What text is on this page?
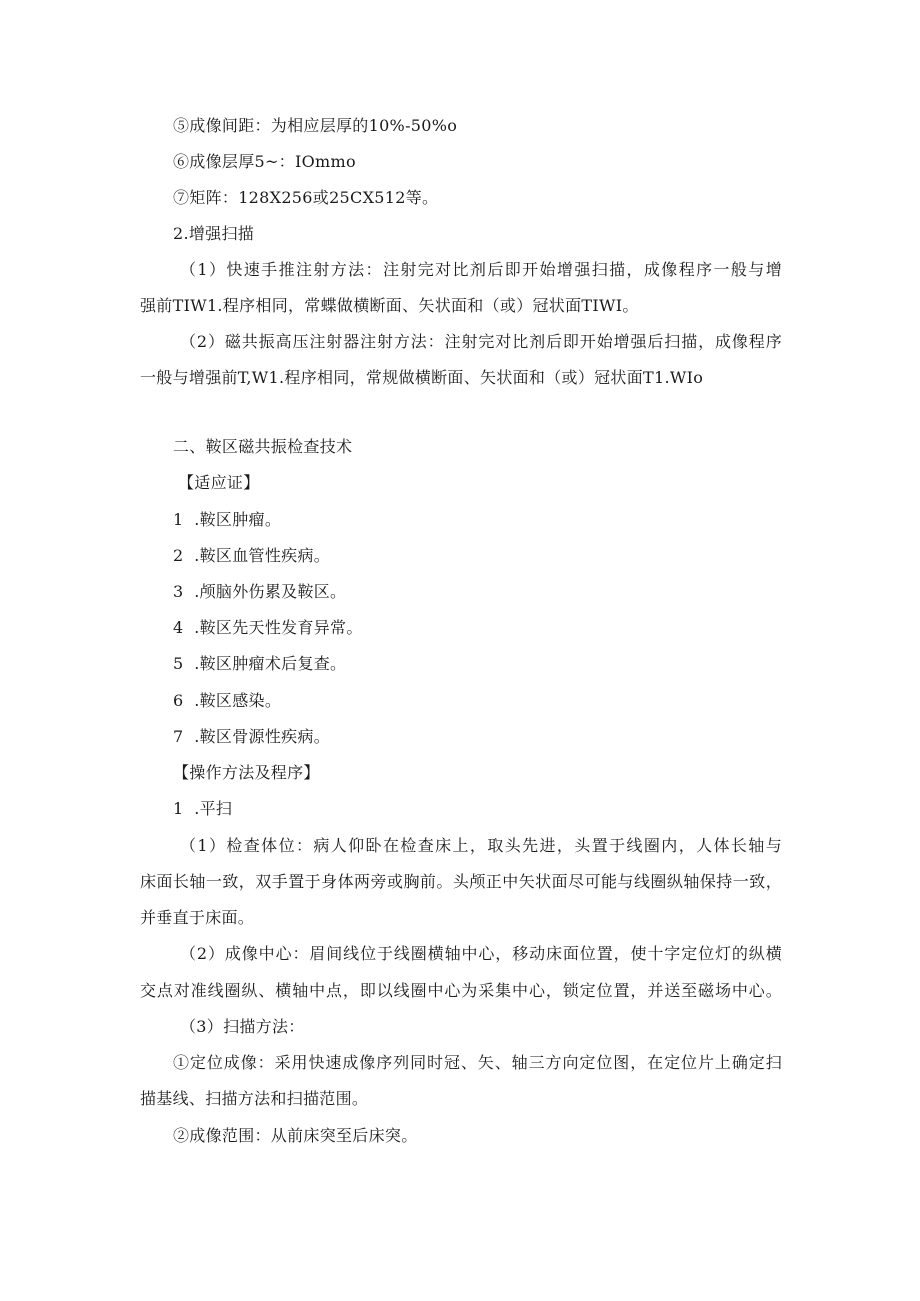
⑤成像间距：为相应层厚的10%-50%o
⑥成像层厚5~：IOmmo
⑦矩阵：128X256或25CX512等。
2.增强扫描
（1）快速手推注射方法：注射完对比剂后即开始增强扫描，成像程序一般与增
强前TIW1.程序相同，常蝶做横断面、矢状面和（或）冠状面TIWI。
（2）磁共振高压注射器注射方法：注射完对比剂后即开始增强后扫描，成像程序
一般与增强前T,W1.程序相同，常规做横断面、矢状面和（或）冠状面T1.WIo
二、鞍区磁共振检查技术
【适应证】
1  .鞍区肿瘤。
2  .鞍区血管性疾病。
3  .颅脑外伤累及鞍区。
4  .鞍区先天性发育异常。
5  .鞍区肿瘤术后复查。
6  .鞍区感染。
7  .鞍区骨源性疾病。
【操作方法及程序】
1  .平扫
（1）检查体位：病人仰卧在检查床上，取头先进，头置于线圈内，人体长轴与
床面长轴一致，双手置于身体两旁或胸前。头颅正中矢状面尽可能与线圈纵轴保持一致，
并垂直于床面。
（2）成像中心：眉间线位于线圈横轴中心，移动床面位置，使十字定位灯的纵横
交点对准线圈纵、横轴中点，即以线圈中心为采集中心，锁定位置，并送至磁场中心。
（3）扫描方法：
①定位成像：采用快速成像序列同时冠、矢、轴三方向定位图，在定位片上确定扫
描基线、扫描方法和扫描范围。
②成像范围：从前床突至后床突。
